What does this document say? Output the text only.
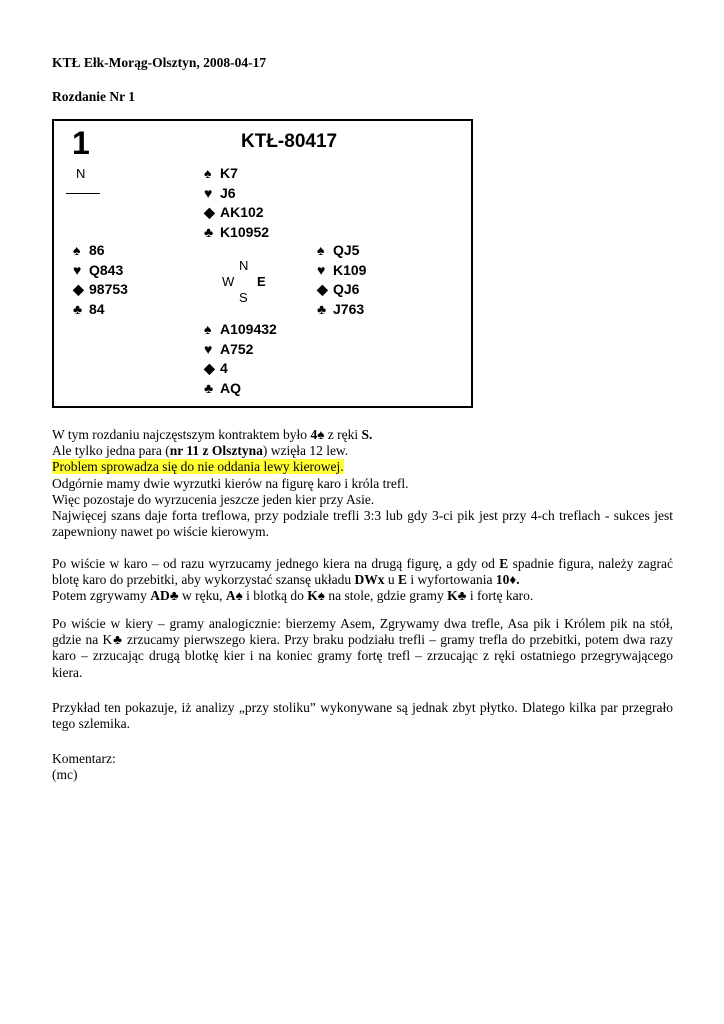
KTŁ Ełk-Morąg-Olsztyn, 2008-04-17
Rozdanie Nr 1
1	KTŁ-80417
N	♠ K7
♥ J6
◆ AK102
♣ K10952
♠ 86
♥ Q843
◆ 98753
♣ 84
♠ QJ5
♥ K109
◆ QJ6
♣ J763
♠ A109432
♥ A752
◆ 4
♣ AQ
N
W E
S

W tym rozdaniu najczęstszym kontraktem było 4♠ z ręki S.

Ale tylko jedna para (nr 11 z Olsztyna) wzięła 12 lew.

Problem sprowadza się do nie oddania lewy kierowej.

Odgórnie mamy dwie wyrzutki kierów na figurę karo i króla trefl.

Więc pozostaje do wyrzucenia jeszcze jeden kier przy Asie.

Najwięcej szans daje forta treflowa, przy podziale trefli 3:3 lub gdy 3-ci pik jest przy 4-ch treflach - sukces jest zapewniony nawet po wiście kierowym.

Po wiście w karo – od razu wyrzucamy jednego kiera na drugą figurę, a gdy od E spadnie figura, należy zagrać blotę karo do przebitki, aby wykorzystać szansę układu DWx u E i wyfortowania 10♦.

Potem zgrywamy AD♣ w ręku, A♠ i blotką do K♠ na stole, gdzie gramy K♣ i fortę karo.

Po wiście w kiery – gramy analogicznie: bierzemy Asem, Zgrywamy dwa trefle, Asa pik i Królem pik na stół, gdzie na K♣ zrzucamy pierwszego kiera. Przy braku podziału trefli – gramy trefla do przebitki, potem dwa razy karo – zrzucając drugą blotkę kier i na koniec gramy fortę trefl – zrzucając z ręki ostatniego przegrywającego kiera.

Przykład ten pokazuje, iż analizy „przy stoliku” wykonywane są jednak zbyt płytko. Dlatego kilka par przegrało tego szlemika.

Komentarz:

(mc)
